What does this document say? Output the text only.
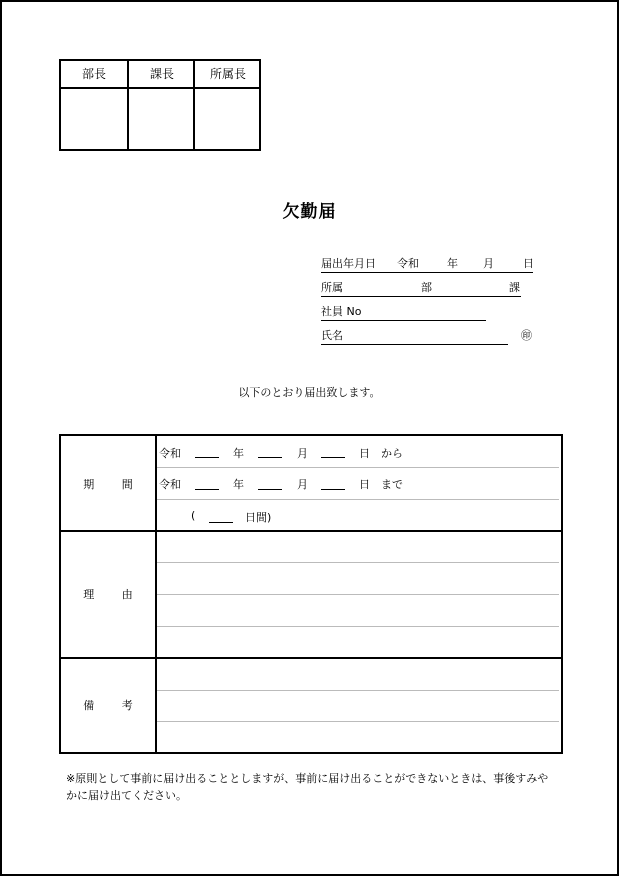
部長	課長	所属長
欠勤届
届出年月日 令和	年 月	日
所属	部	課
社員 No
氏名	㊞
以下のとおり届出致します。
期 間
令和	年	月	日 から
令和	年	月	日 まで
(	日間)
理 由
備 考
※原則として事前に届け出ることとしますが、事前に届け出ることができないときは、事後すみやかに届け出てください。
